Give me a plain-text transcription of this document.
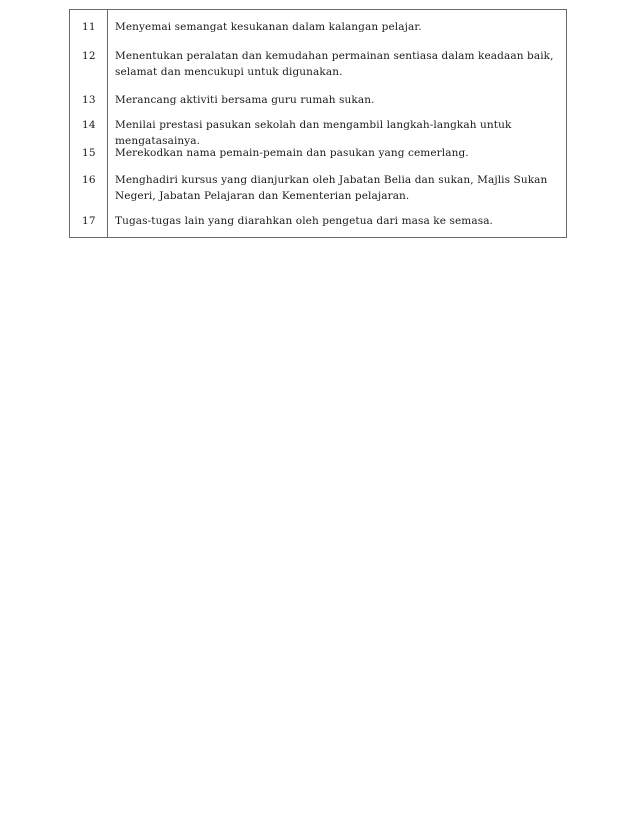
11 Menyemai semangat kesukanan dalam kalangan pelajar.
12 Menentukan peralatan dan kemudahan permainan sentiasa dalam keadaan baik, selamat dan mencukupi untuk digunakan.
13 Merancang aktiviti bersama guru rumah sukan.
14 Menilai prestasi pasukan sekolah dan mengambil langkah-langkah untuk mengatasainya.
15 Merekodkan nama pemain-pemain dan pasukan yang cemerlang.
16 Menghadiri kursus yang dianjurkan oleh Jabatan Belia dan sukan, Majlis Sukan Negeri, Jabatan Pelajaran dan Kementerian pelajaran.
17 Tugas-tugas lain yang diarahkan oleh pengetua dari masa ke semasa.
